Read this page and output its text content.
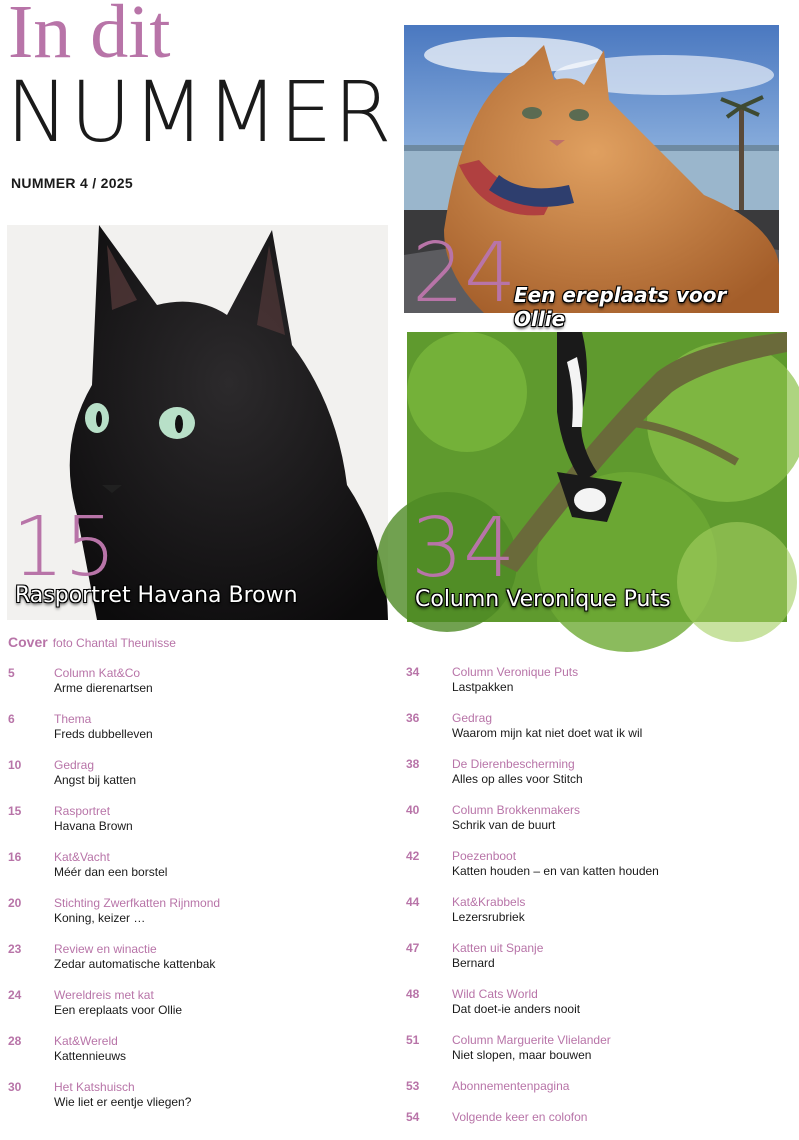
In dit
NUMMER
NUMMER 4 / 2025
24
Een ereplaats voor Ollie
15
Rasportret Havana Brown 34
Column Veronique Puts
Cover foto Chantal Theunisse
5	Column Kat&Co
Arme dierenartsen
6	Thema
Freds dubbelleven
10	Gedrag
Angst bij katten
15	Rasportret
Havana Brown
16	Kat&Vacht
Méér dan een borstel
20	Stichting Zwerfkatten Rijnmond
Koning, keizer …
23	Review en winactie
Zedar automatische kattenbak
24	Wereldreis met kat
Een ereplaats voor Ollie
28	Kat&Wereld
Kattennieuws
30	Het Katshuisch
Wie liet er eentje vliegen?
34	Column Veronique Puts
Lastpakken
36	Gedrag
Waarom mijn kat niet doet wat ik wil
38	De Dierenbescherming
Alles op alles voor Stitch
40	Column Brokkenmakers
Schrik van de buurt
42	Poezenboot
Katten houden – en van katten houden
44	Kat&Krabbels
Lezersrubriek
47	Katten uit Spanje
Bernard
48	Wild Cats World
Dat doet-ie anders nooit
51	Column Marguerite Vlielander
Niet slopen, maar bouwen
53	Abonnementenpagina
54	Volgende keer en colofon
